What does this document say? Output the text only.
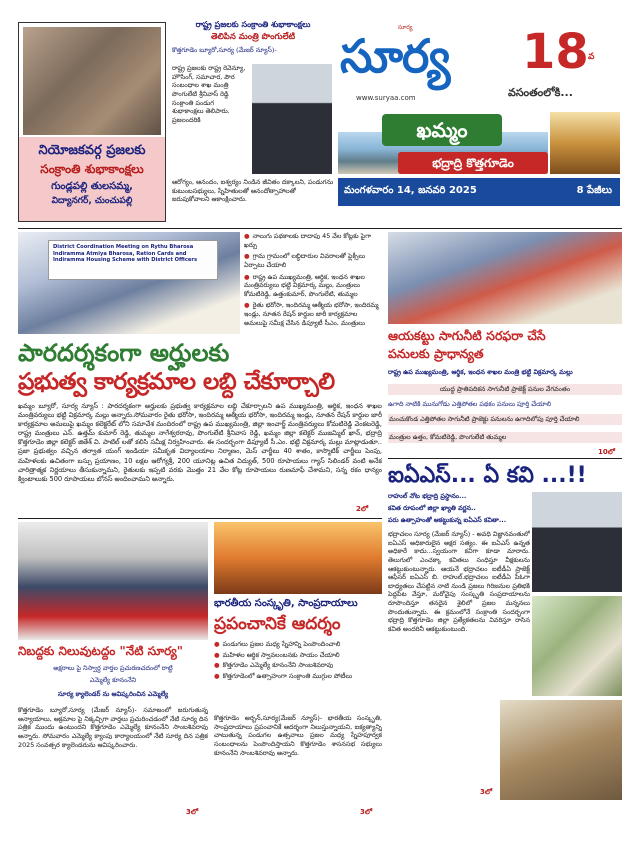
నియోజకవర్గ ప్రజలకు
సంక్రాంతి శుభాకాంక్షలు
గుండ్లపల్లి తులసమ్మ,
విద్యానగర్, చుంచుపల్లి
రాష్ట్ర ప్రజలకు సంక్రాంతి శుభాకాంక్షలు
తెలిపిన మంత్రి పొంగులేటి
కొత్తగూడెం బ్యూరో,సూర్య (మేజర్ న్యూస్)-
రాష్ట్ర ప్రజలకు రాష్ట్ర రెవెన్యూ, హౌసింగ్, సమాచార, పౌర సంబంధాల శాఖ మంత్రి పొంగులేటి శ్రీనివాస్ రెడ్డి సంక్రాంతి పండుగ శుభాకాంక్షలు తెలిపారు. ప్రజలందరికి
ఆరోగ్యం, ఆనందం, ఐశ్వర్యం నిండిన జీవితం దక్కాలని, పండుగను కుటుంబసభ్యులు, స్నేహితులతో ఆనందోత్సాహాలతో జరుపుకోవాలని ఆకాంక్షించారు.
సూర్య
సూర్య
www.suryaa.com
18 వ
వసంతంలోకి...
ఖమ్మం
భద్రాద్రి కొత్తగూడెం
మంగళవారం 14, జనవరి 2025	8 పేజీలు
District Coordination Meeting on Rythu Bharosa
Indiramma Atmiya Bharosa, Ration Cards and
Indiramma Housing Scheme with District Officers
● నాలుగు పథకాలకు దాదాపు 45 వేల కోట్లకు పైగా ఖర్చు
● గ్రామ గ్రామంలో లబ్ధిదారుల వివరాలతో ఫ్లెక్సీలు ఏర్పాటు చేయాలి
● రాష్ట్ర ఉప ముఖ్యమంత్రి, ఆర్థిక, ఇంధన శాఖల మంత్రివర్యులు భట్టి విక్రమార్క మల్లు, మంత్రులు కోమటిరెడ్డి, ఉత్తంకుమార్, పొంగులేటి, తుమ్మల
● రైతు భరోసా, ఇందిరమ్మ ఆత్మీయ భరోసా, ఇందిరమ్మ ఇండ్లు, నూతన రేషన్ కార్డుల జారీ కార్యక్రమాల అమలుపై సమీక్ష చేసిన డిప్యూటీ సీఎం, మంత్రులు
పారదర్శకంగా అర్హులకు
ప్రభుత్వ కార్యక్రమాల లబ్ది చేకూర్చాలి
ఖమ్మం బ్యూరో, సూర్య న్యూస్ : పారదర్శకంగా అర్హులకు ప్రభుత్వ కార్యక్రమాల లబ్ది చేకూర్చాలని ఉప ముఖ్యమంత్రి, ఆర్థిక, ఇంధన శాఖల మంత్రివర్యులు భట్టి విక్రమార్క మల్లు అన్నారు.సోమవారం రైతు భరోసా, ఇందిరమ్మ ఆత్మీయ భరోసా, ఇందిరమ్మ ఇండ్లు, నూతన రేషన్ కార్డుల జారీ కార్యక్రమాల అమలుపై ఖమ్మం కలెక్టరేట్ లోని సమావేశ మందిరంలో రాష్ట్ర ఉప ముఖ్యమంత్రి, జిల్లా ఇంచార్జ్ మంత్రివర్యులు కోమటిరెడ్డి వెంకటరెడ్డి, రాష్ట్ర మంత్రులు ఎన్. ఉత్తమ్ కుమార్ రెడ్డి, తుమ్మల నాగేశ్వరరావు, పొంగులేటి శ్రీనివాస రెడ్డి, ఖమ్మం జిల్లా కలెక్టర్ ముజమ్మిల్ ఖాన్, భద్రాద్రి కొత్తగూడెం జిల్లా కలెక్టర్ జితేశ్ వి. పాటిల్ లతో కలిసి సమీక్ష నిర్వహించారు. ఈ సందర్భంగా డిప్యూటీ సీ.ఎం. భట్టి విక్రమార్క మల్లు మాట్లాడుతూ.. ప్రజా ప్రభుత్వం వచ్చిన తర్వాత యంగ్ ఇండియా సమీకృత విద్యాలయాల నిర్మాణం, మెస్ చార్జీలు 40 శాతం, కాస్మొటిక్ చార్జీలు పెంపు, మహిళలకు ఉచితంగా బస్సు ప్రయాణం, 10 లక్షల ఆరోగ్యశ్రీ, 200 యూనిట్ల ఉచిత విద్యుత్, 500 రూపాయలు గ్యాస్ సిలిండర్ వంటి అనేక చారిత్రాత్మక నిర్ణయాలు తీసుకున్నామని, రైతులకు ఇప్పటి వరకు మొత్తం 21 వేల కోట్ల రూపాయలు రుణమాఫీ చేశామని, సన్న రకం ధాన్యం క్వింటాలుకు 500 రూపాయలు బోనస్ అందించామని అన్నారు.
2లో
ఆయకట్టు సాగునీటి సరఫరా చేసే
పనులకు ప్రాధాన్యత
రాష్ట్ర ఉప ముఖ్యమంత్రి, ఆర్థిక, ఇంధన శాఖల మంత్రి భట్టి విక్రమార్క మల్లు
యుద్ధ ప్రాతిపదికన సాగునీటి ప్రాజెక్ట్ పనుల వేగవంతం
ఉగాది నాటికి మునుగోడు ఎత్తిపోతల పథకం పనులు పూర్తి చేయాలి
మంచుకొండ ఎత్తిపోతల సాగునీటి ప్రాజెక్టు పనులను ఉగాదిలోపు పూర్తి చేయాలి
మంత్రుల ఉత్తం, కోమటిరెడ్డి, పొంగులేటి తుమ్మల
10లో
ఐఏఎస్... ఏ కవి ...!!
రాహుల్ నోట భద్రాద్రి ప్రస్థానం...
కవిత రూపంలో జిల్లా ఖ్యాతి వర్ణన..
పరు ఉత్సాహంతో ఆకట్టుకున్న ఐఏఎస్ కవితా...
భద్రాచలం సూర్య (మేజర్ న్యూస్) - అవధి విజ్ఞానవంతులో ఐఏఎస్ అధికారులైన అక్షర సత్యం. ఈ ఐఏఎస్ ఉన్నత అధికారే కాదు...స్వయంగా కవిగా కూడా మారారు. తెలుగులో ఎంచక్కా కవితలు సంధిస్తూ వీక్షకులను ఆకట్టుకుంటున్నారు. ఆయనే భద్రాచలం ఐటీడీఏ ప్రాజెక్ట్ ఆఫీసర్ ఐఏఎస్ బి. రాహుల్.భద్రాచలం ఐటీడీఏ పీఓగా బాధ్యతలు చేపట్టిన నాటి నుండి ప్రజలు గిరిజనుల ప్రతిభకి పెద్దపీట వేస్తూ, మరోవైపు సంస్కృతి సంప్రదాయాలను రూపొందిస్తూ తనదైన శైలిలో ప్రజల మన్ననలు పొందుతున్నారు. ఈ క్రమంలోనే సంక్రాంతి సందర్భంగా భద్రాద్రి కొత్తగూడెం జిల్లా ప్రత్యేకతలను వివరిస్తూ రాసిన కవిత అందరినీ ఆకట్టుకుంటుంది.
3లో
నిబద్దకు నిలువుటద్దం "నేటి సూర్య"
అక్షరాలు పై నిస్వార్థ వార్తల ప్రచురణచదంలో రాట్టి
ఎమ్మెల్యే కూనంనేని
సూర్య క్యాలెండర్ ను ఆవిష్కరించిన ఎమ్మెల్యే
కొత్తగూడెం బ్యూరో,సూర్య (మేజర్ న్యూస్)- సమాజంలో జరుగుతున్న అన్యాయాలు, అక్రమాల పై నిక్కచ్చిగా వార్తలు ప్రచురించడంలో నేటి సూర్య దిన పత్రిక ముందు ఉంటుందని కొత్తగూడెం ఎమ్మెల్యే కూనంనేని సాంబశివరావు అన్నారు. సోమవారం ఎమ్మెల్యే క్యాంపు కార్యాలయంలో నేటి సూర్య దిన పత్రిక 2025 సంవత్సర క్యాలెండరును ఆవిష్కరించారు.
3లో
భారతీయ సంస్కృతి, సాంప్రదాయాలు
ప్రపంచానికే ఆదర్శం
● పండుగలు ప్రజల మధ్య స్నేహాన్ని పెంపొందించాలి
● మహిళల ఆర్థిక స్వావలంబనకు సాయం చేయాలి
● కొత్తగూడెం ఎమ్మెల్యే కూనంనేని సాంబశివరావు
● కొత్తగూడెంలో ఉత్సాహంగా సంక్రాంతి ముగ్గుల పోటీలు
కొత్తగూడెం అర్బన్,సూర్య(మేజర్ న్యూస్)- భారతీయ సంస్కృతి, సాంప్రదాయాలు ప్రపంచానికే ఆదర్శంగా నిలుస్తున్నాయని, ఐక్యత్యాన్ని చాటుతున్న పండుగల ఉత్సవాలు ప్రజల మధ్య స్నేహపూర్వక సంబంధాలను పెంపొందిస్తాయని కొత్తగూడెం శాసనసభ సభ్యులు కూనంనేని సాంబశివరావు అన్నారు.
3లో
